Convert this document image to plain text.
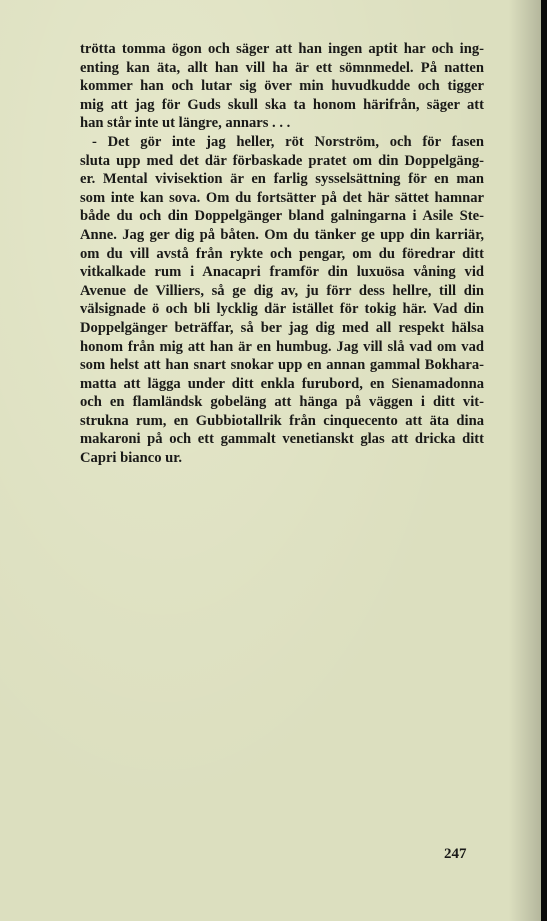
trötta tomma ögon och säger att han ingen aptit har och ing-
enting kan äta, allt han vill ha är ett sömnmedel. På natten
kommer han och lutar sig över min huvudkudde och tigger
mig att jag för Guds skull ska ta honom härifrån, säger att
han står inte ut längre, annars . . .

- Det gör inte jag heller, röt Norström, och för fasen
sluta upp med det där förbaskade pratet om din Doppelgäng-
er. Mental vivisektion är en farlig sysselsättning för en man
som inte kan sova. Om du fortsätter på det här sättet hamnar
både du och din Doppelgänger bland galningarna i Asile Ste-
Anne. Jag ger dig på båten. Om du tänker ge upp din karriär,
om du vill avstå från rykte och pengar, om du föredrar ditt
vitkalkade rum i Anacapri framför din luxuösa våning vid
Avenue de Villiers, så ge dig av, ju förr dess hellre, till din
välsignade ö och bli lycklig där istället för tokig här. Vad din
Doppelgänger beträffar, så ber jag dig med all respekt hälsa
honom från mig att han är en humbug. Jag vill slå vad om vad
som helst att han snart snokar upp en annan gammal Bokhara-
matta att lägga under ditt enkla furubord, en Sienamadonna
och en flamländsk gobeläng att hänga på väggen i ditt vit-
strukna rum, en Gubbiotallrik från cinquecento att äta dina
makaroni på och ett gammalt venetianskt glas att dricka ditt
Capri bianco ur.

247
